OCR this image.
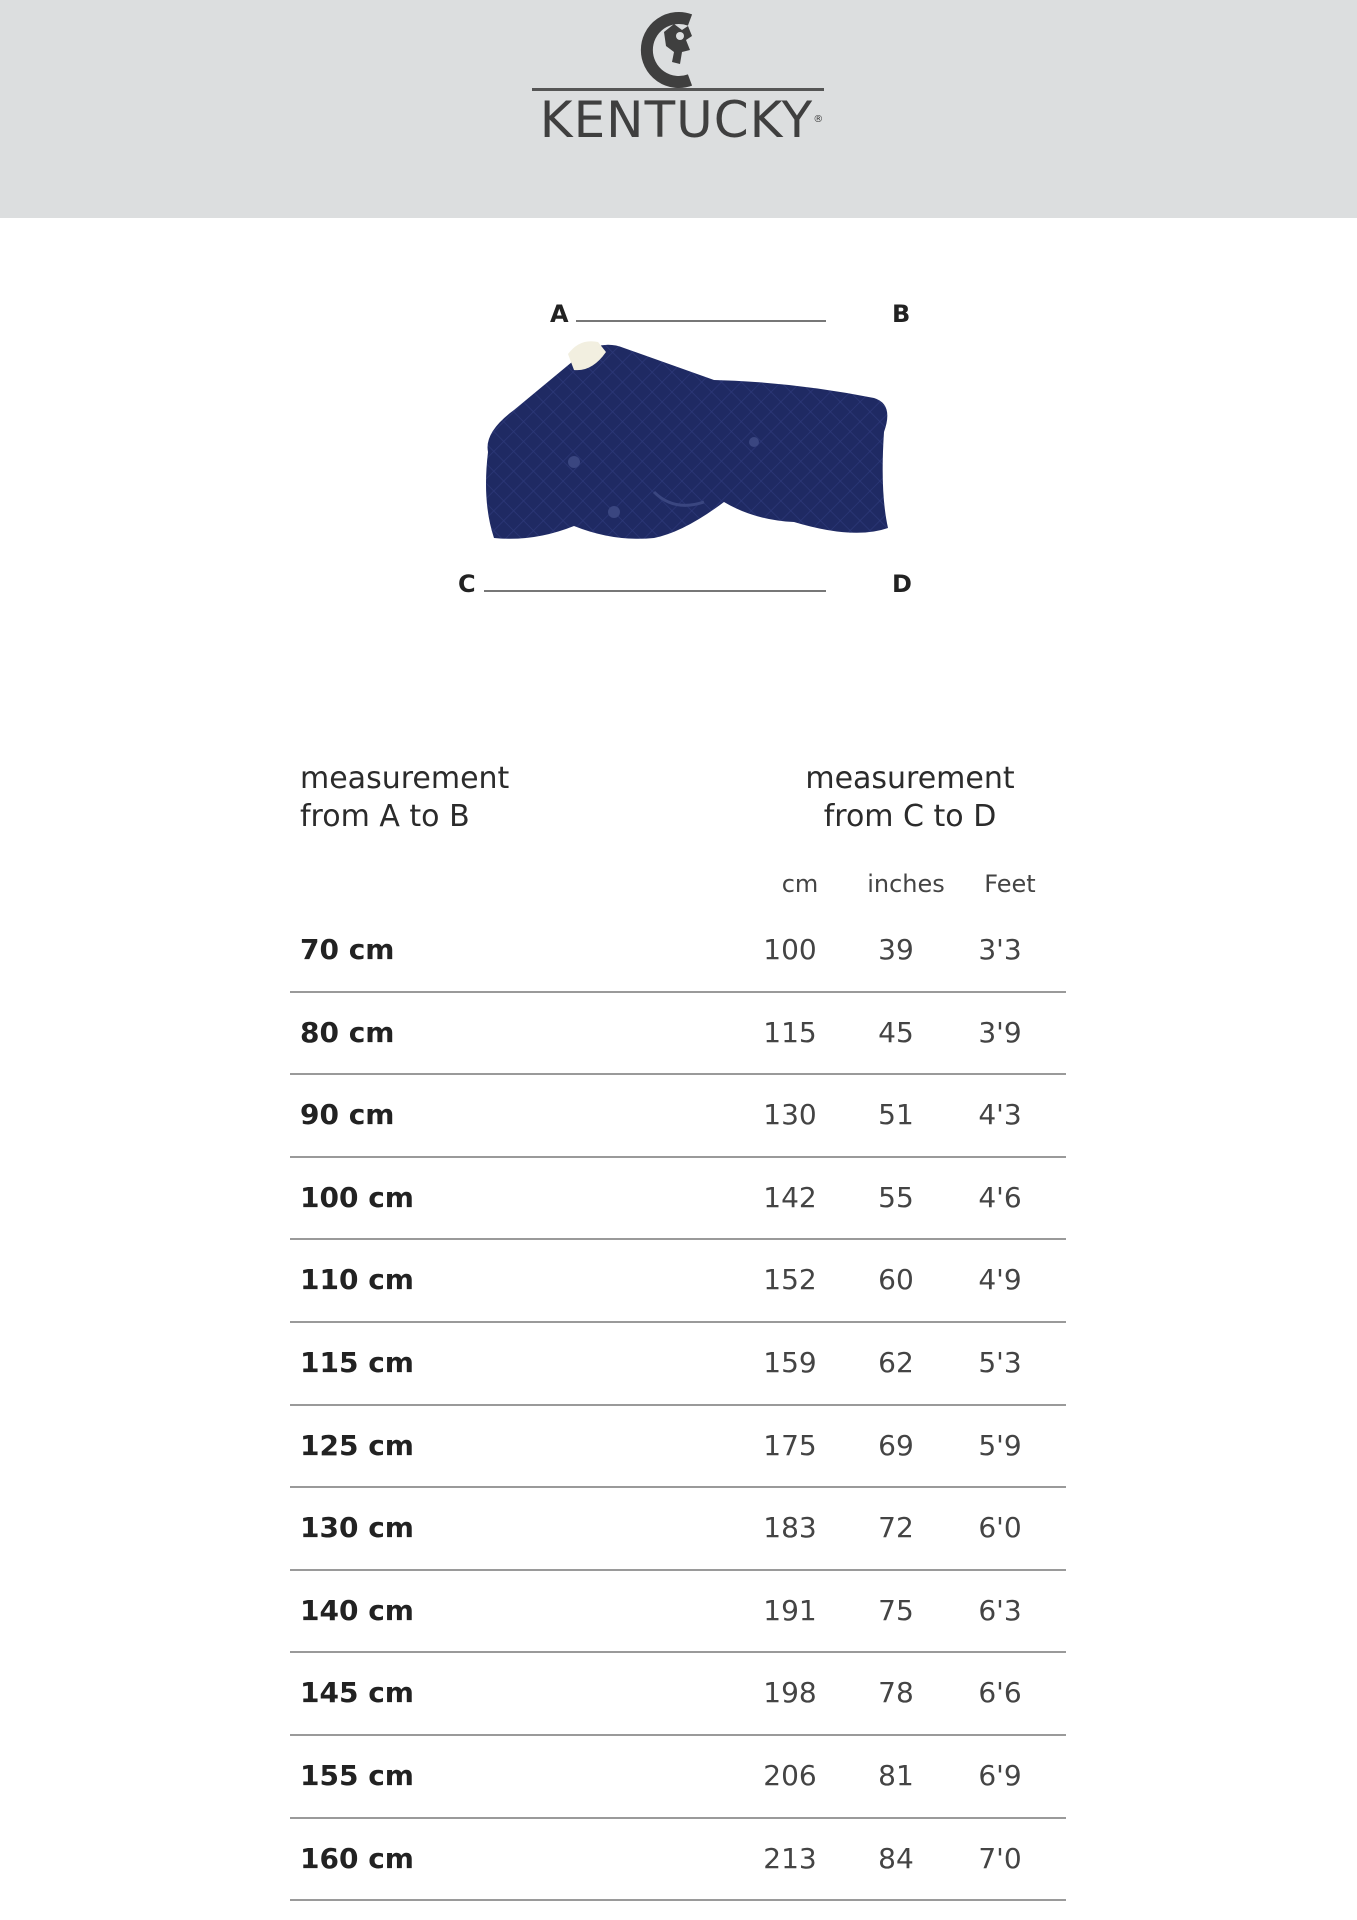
KENTUCKY®
A	B
C	D
measurement
from A to B
measurement
from C to D
cm	inches	Feet
70 cm	100	39	3'3
80 cm	115	45	3'9
90 cm	130	51	4'3
100 cm	142	55	4'6
110 cm	152	60	4'9
115 cm	159	62	5'3
125 cm	175	69	5'9
130 cm	183	72	6'0
140 cm	191	75	6'3
145 cm	198	78	6'6
155 cm	206	81	6'9
160 cm	213	84	7'0
